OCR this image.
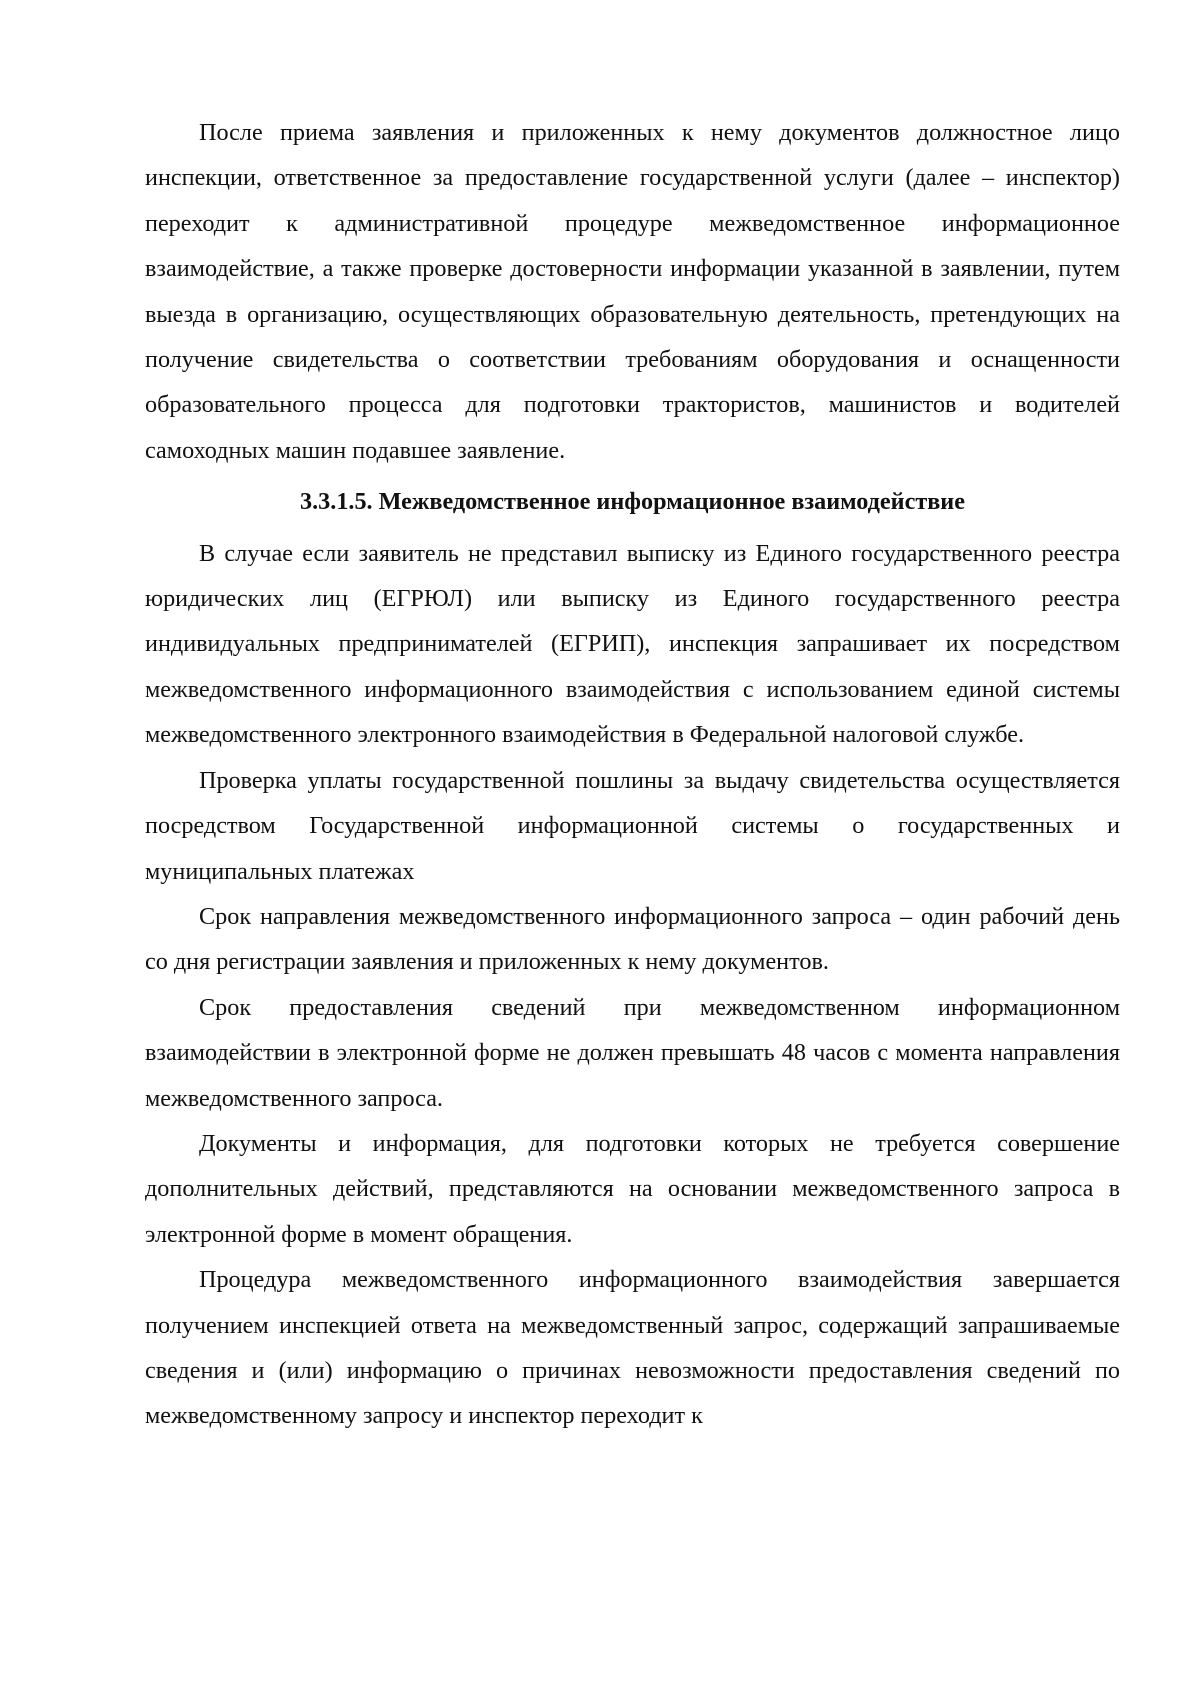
После приема заявления и приложенных к нему документов должностное лицо инспекции, ответственное за предоставление государственной услуги (далее – инспектор) переходит к административной процедуре межведомственное информационное взаимодействие, а также проверке достоверности информации указанной в заявлении, путем выезда в организацию, осуществляющих образовательную деятельность, претендующих на получение свидетельства о соответствии требованиям оборудования и оснащенности образовательного процесса для подготовки трактористов, машинистов и водителей самоходных машин подавшее заявление.

3.3.1.5. Межведомственное информационное взаимодействие

В случае если заявитель не представил выписку из Единого государственного реестра юридических лиц (ЕГРЮЛ) или выписку из Единого государственного реестра индивидуальных предпринимателей (ЕГРИП), инспекция запрашивает их посредством межведомственного информационного взаимодействия с использованием единой системы межведомственного электронного взаимодействия в Федеральной налоговой службе.

Проверка уплаты государственной пошлины за выдачу свидетельства осуществляется посредством Государственной информационной системы о государственных и муниципальных платежах

Срок направления межведомственного информационного запроса – один рабочий день со дня регистрации заявления и приложенных к нему документов.

Срок предоставления сведений при межведомственном информационном взаимодействии в электронной форме не должен превышать 48 часов с момента направления межведомственного запроса.

Документы и информация, для подготовки которых не требуется совершение дополнительных действий, представляются на основании межведомственного запроса в электронной форме в момент обращения.

Процедура межведомственного информационного взаимодействия завершается получением инспекцией ответа на межведомственный запрос, содержащий запрашиваемые сведения и (или) информацию о причинах невозможности предоставления сведений по межведомственному запросу и инспектор переходит к
